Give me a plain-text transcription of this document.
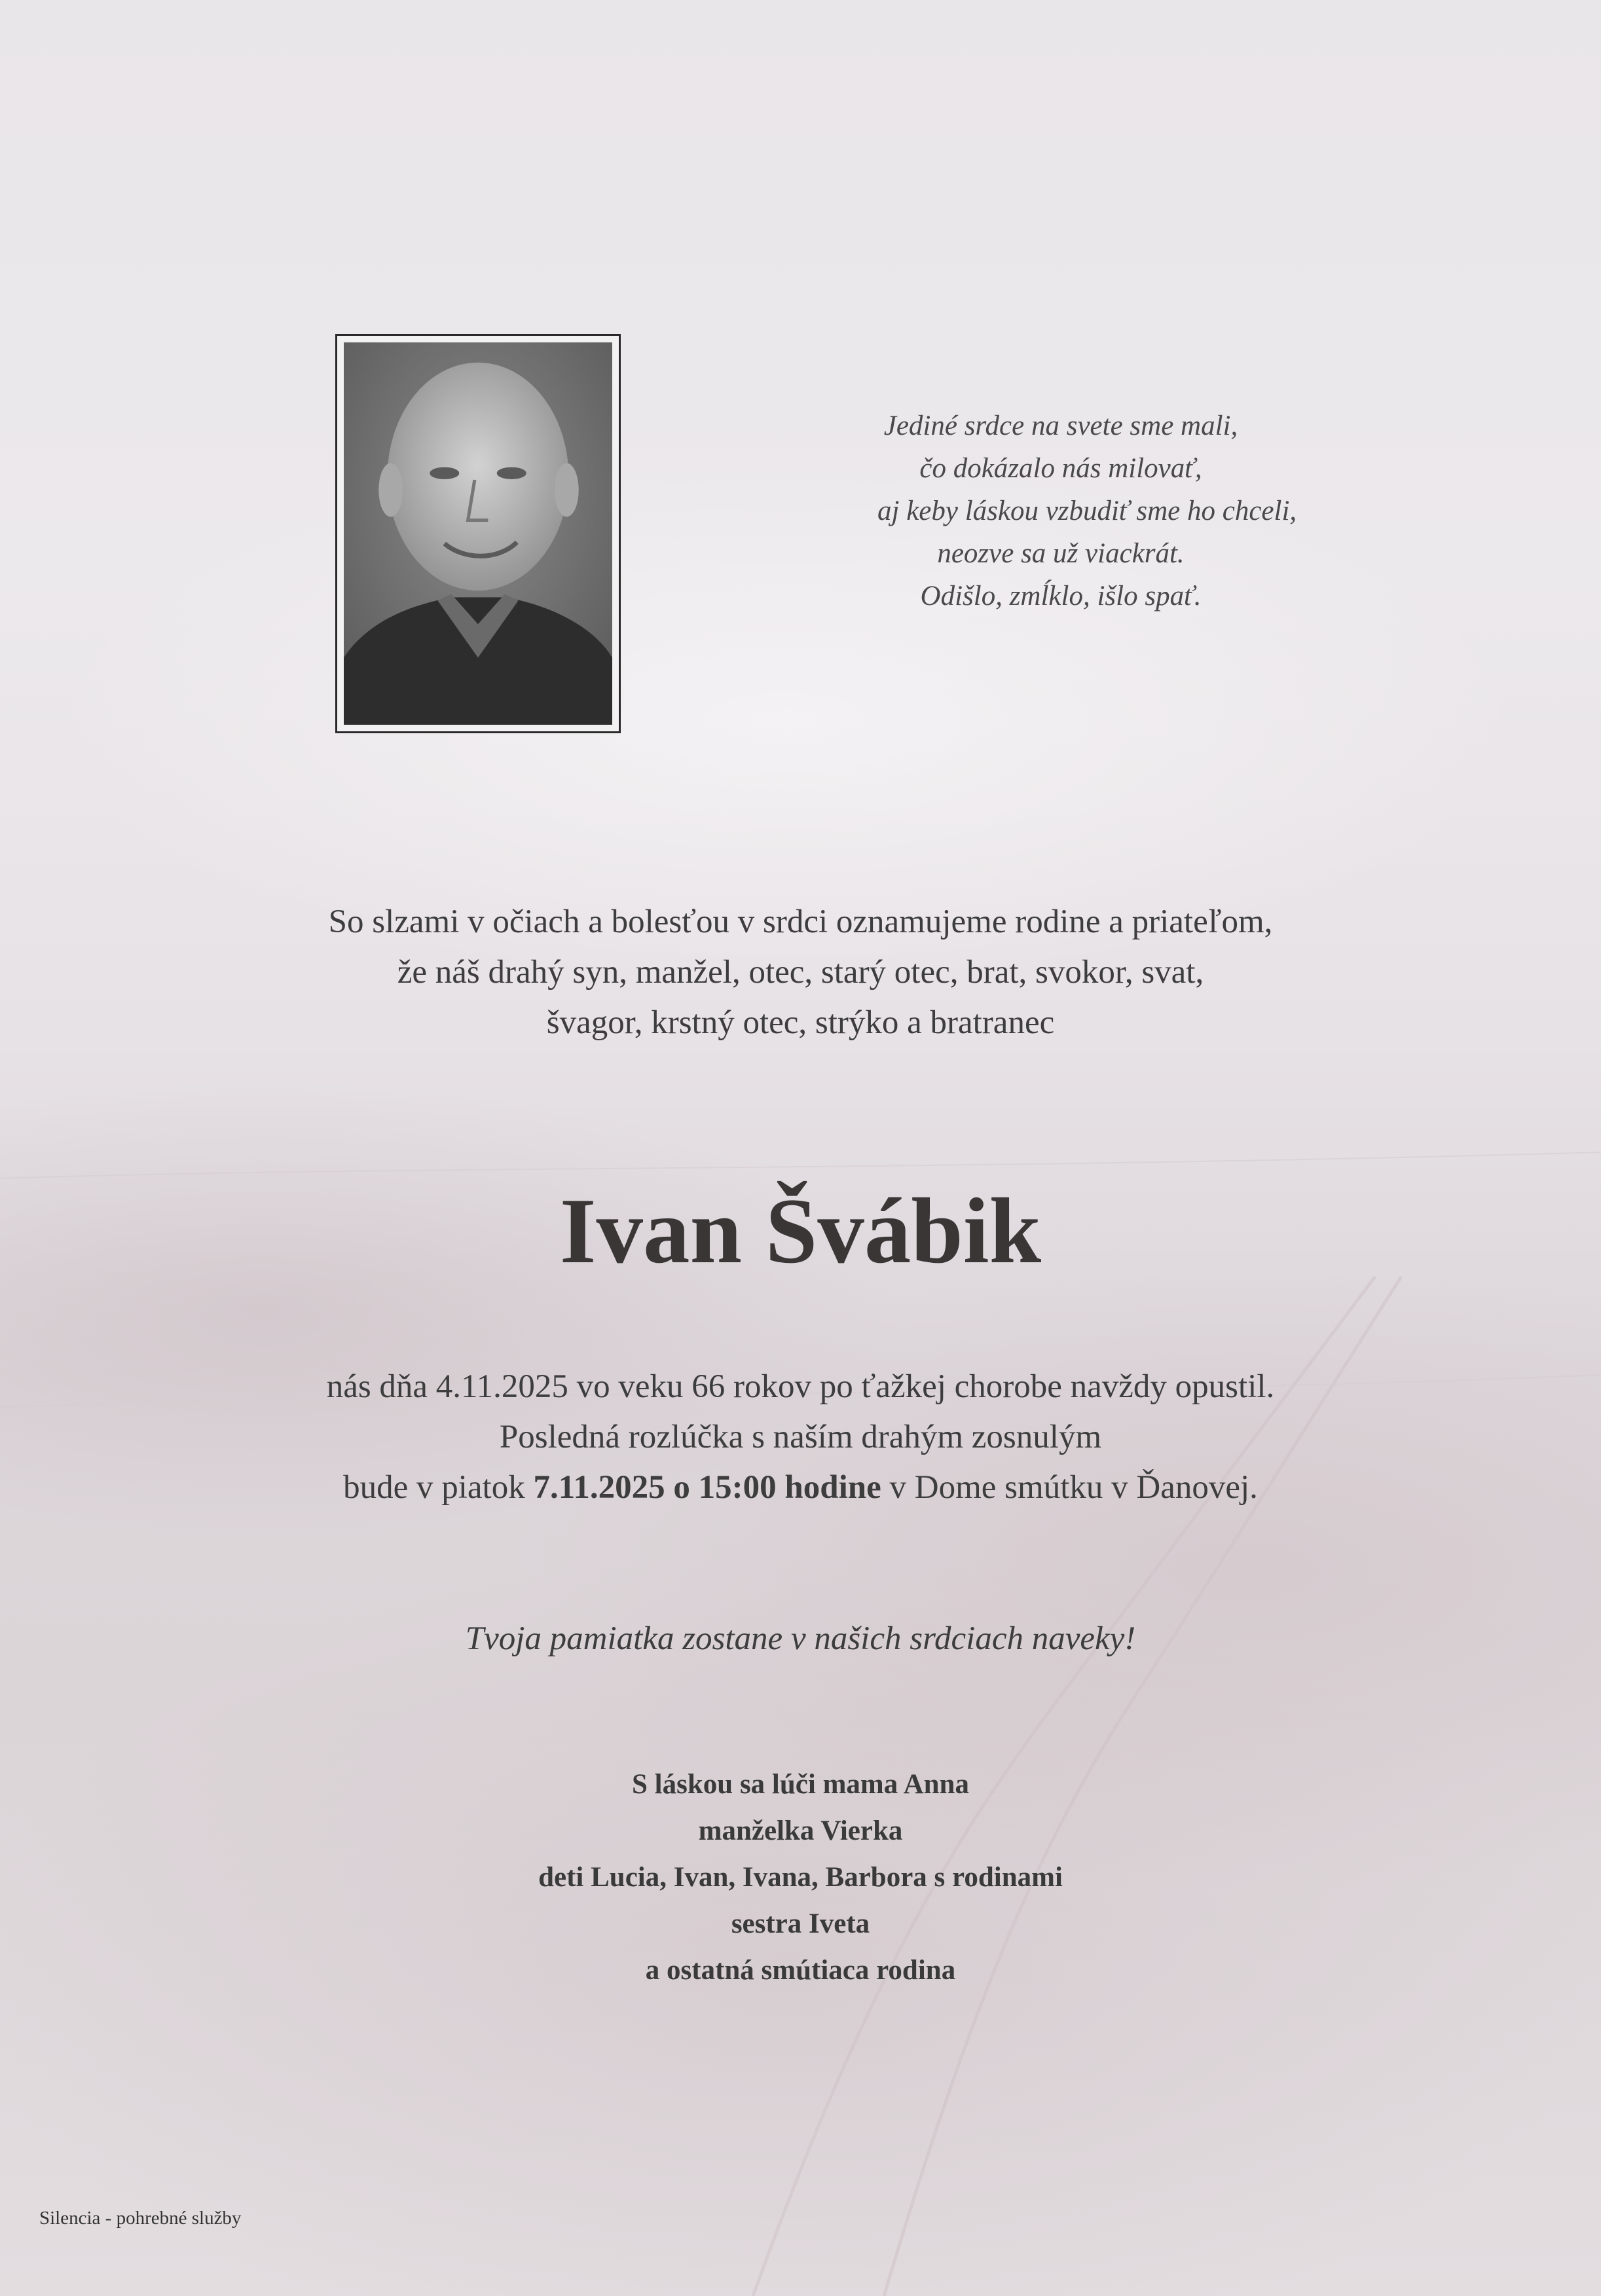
Jediné srdce na svete sme mali,
čo dokázalo nás milovať,
aj keby láskou vzbudiť sme ho chceli,
neozve sa už viackrát.
Odišlo, zmĺklo, išlo spať.
So slzami v očiach a bolesťou v srdci oznamujeme rodine a priateľom,
že náš drahý syn, manžel, otec, starý otec, brat, svokor, svat,
švagor, krstný otec, strýko a bratranec
Ivan Švábik
nás dňa 4.11.2025 vo veku 66 rokov po ťažkej chorobe navždy opustil.
Posledná rozlúčka s naším drahým zosnulým
bude v piatok 7.11.2025 o 15:00 hodine v Dome smútku v Ďanovej.
Tvoja pamiatka zostane v našich srdciach naveky!
S láskou sa lúči mama Anna
manželka Vierka
deti Lucia, Ivan, Ivana, Barbora s rodinami
sestra Iveta
a ostatná smútiaca rodina
Silencia - pohrebné služby
